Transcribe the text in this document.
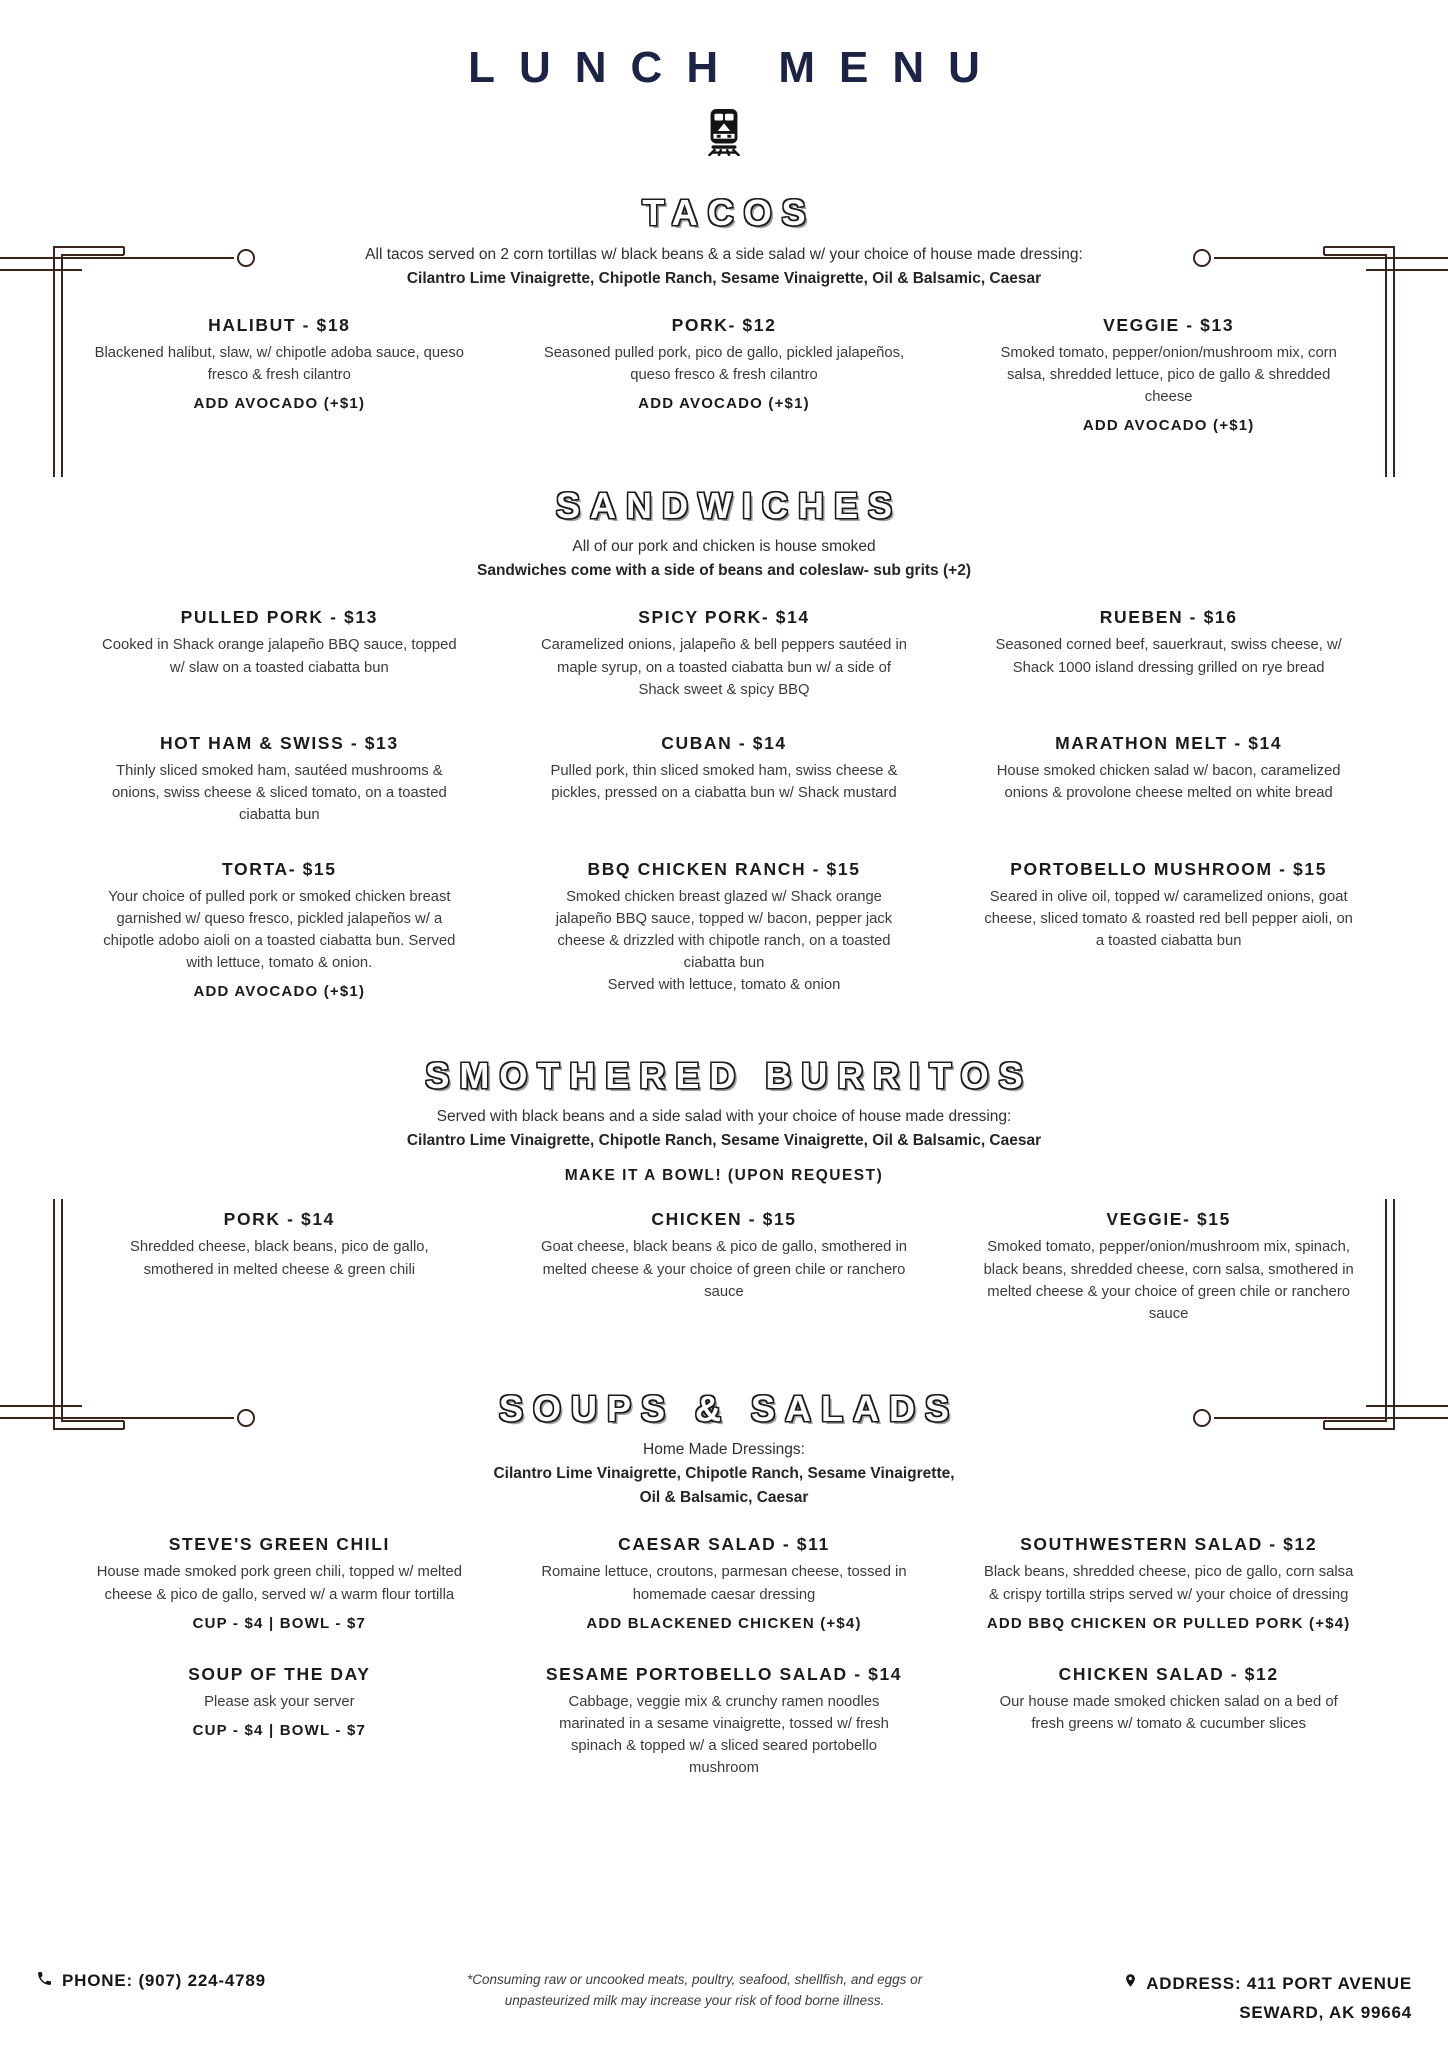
LUNCH MENU
TACOS
All tacos served on 2 corn tortillas w/ black beans & a side salad w/ your choice of house made dressing:
Cilantro Lime Vinaigrette, Chipotle Ranch, Sesame Vinaigrette, Oil & Balsamic, Caesar
HALIBUT - $18
Blackened halibut, slaw, w/ chipotle adoba sauce, queso fresco & fresh cilantro
ADD AVOCADO (+$1)
PORK- $12
Seasoned pulled pork, pico de gallo, pickled jalapeños, queso fresco & fresh cilantro
ADD AVOCADO (+$1)
VEGGIE - $13
Smoked tomato, pepper/onion/mushroom mix, corn salsa, shredded lettuce, pico de gallo & shredded cheese
ADD AVOCADO (+$1)
SANDWICHES
All of our pork and chicken is house smoked
Sandwiches come with a side of beans and coleslaw- sub grits (+2)
PULLED PORK - $13
Cooked in Shack orange jalapeño BBQ sauce, topped w/ slaw on a toasted ciabatta bun
SPICY PORK- $14
Caramelized onions, jalapeño & bell peppers sautéed in maple syrup, on a toasted ciabatta bun w/ a side of Shack sweet & spicy BBQ
RUEBEN - $16
Seasoned corned beef, sauerkraut, swiss cheese, w/ Shack 1000 island dressing grilled on rye bread
HOT HAM & SWISS - $13
Thinly sliced smoked ham, sautéed mushrooms & onions, swiss cheese & sliced tomato, on a toasted ciabatta bun
CUBAN - $14
Pulled pork, thin sliced smoked ham, swiss cheese & pickles, pressed on a ciabatta bun w/ Shack mustard
MARATHON MELT - $14
House smoked chicken salad w/ bacon, caramelized onions & provolone cheese melted on white bread
TORTA- $15
Your choice of pulled pork or smoked chicken breast garnished w/ queso fresco, pickled jalapeños w/ a chipotle adobo aioli on a toasted ciabatta bun. Served with lettuce, tomato & onion.
ADD AVOCADO (+$1)
BBQ CHICKEN RANCH - $15
Smoked chicken breast glazed w/ Shack orange jalapeño BBQ sauce, topped w/ bacon, pepper jack cheese & drizzled with chipotle ranch, on a toasted ciabatta bun
Served with lettuce, tomato & onion
PORTOBELLO MUSHROOM - $15
Seared in olive oil, topped w/ caramelized onions, goat cheese, sliced tomato & roasted red bell pepper aioli, on a toasted ciabatta bun
SMOTHERED BURRITOS
Served with black beans and a side salad with your choice of house made dressing:
Cilantro Lime Vinaigrette, Chipotle Ranch, Sesame Vinaigrette, Oil & Balsamic, Caesar
MAKE IT A BOWL! (UPON REQUEST)
PORK - $14
Shredded cheese, black beans, pico de gallo, smothered in melted cheese & green chili
CHICKEN - $15
Goat cheese, black beans & pico de gallo, smothered in melted cheese & your choice of green chile or ranchero sauce
VEGGIE- $15
Smoked tomato, pepper/onion/mushroom mix, spinach, black beans, shredded cheese, corn salsa, smothered in melted cheese & your choice of green chile or ranchero sauce
SOUPS & SALADS
Home Made Dressings:

Cilantro Lime Vinaigrette, Chipotle Ranch, Sesame Vinaigrette, Oil & Balsamic, Caesar
STEVE'S GREEN CHILI
House made smoked pork green chili, topped w/ melted cheese & pico de gallo, served w/ a warm flour tortilla
CUP - $4 | BOWL - $7
CAESAR SALAD - $11
Romaine lettuce, croutons, parmesan cheese, tossed in homemade caesar dressing
ADD BLACKENED CHICKEN (+$4)
SOUTHWESTERN SALAD - $12
Black beans, shredded cheese, pico de gallo, corn salsa & crispy tortilla strips served w/ your choice of dressing
ADD BBQ CHICKEN OR PULLED PORK (+$4)
SOUP OF THE DAY
Please ask your server
CUP - $4 | BOWL - $7
SESAME PORTOBELLO SALAD - $14
Cabbage, veggie mix & crunchy ramen noodles marinated in a sesame vinaigrette, tossed w/ fresh spinach & topped w/ a sliced seared portobello mushroom
CHICKEN SALAD - $12
Our house made smoked chicken salad on a bed of fresh greens w/ tomato & cucumber slices
PHONE: (907) 224-4789	*Consuming raw or uncooked meats, poultry, seafood, shellfish, and eggs or unpasteurized milk may increase your risk of food borne illness.
ADDRESS: 411 PORT AVENUE
SEWARD, AK 99664
